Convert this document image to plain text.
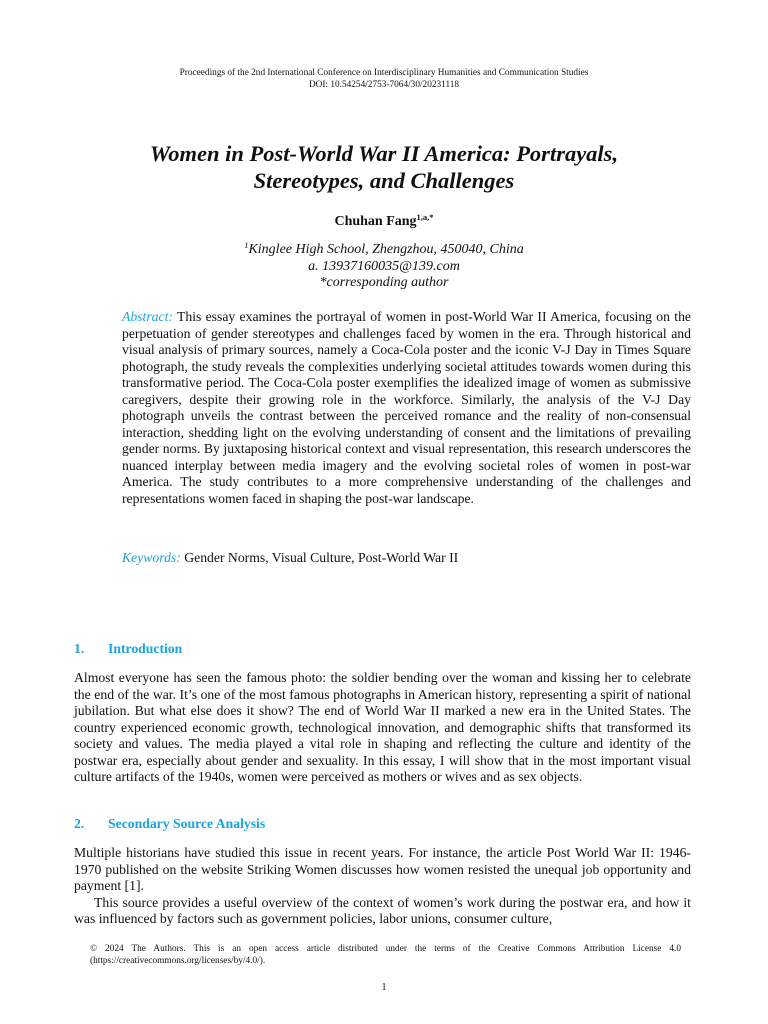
Proceedings of the 2nd International Conference on Interdisciplinary Humanities and Communication Studies
DOI: 10.54254/2753-7064/30/20231118
Women in Post-World War II America: Portrayals,
Stereotypes, and Challenges
Chuhan Fang$^{1,a,*}$
$^1$Kinglee High School, Zhengzhou, 450040, China
a. 13937160035@139.com
*corresponding author
Abstract: This essay examines the portrayal of women in post-World War II America, focusing on the perpetuation of gender stereotypes and challenges faced by women in the era. Through historical and visual analysis of primary sources, namely a Coca-Cola poster and the iconic V-J Day in Times Square photograph, the study reveals the complexities underlying societal attitudes towards women during this transformative period. The Coca-Cola poster exemplifies the idealized image of women as submissive caregivers, despite their growing role in the workforce. Similarly, the analysis of the V-J Day photograph unveils the contrast between the perceived romance and the reality of non-consensual interaction, shedding light on the evolving understanding of consent and the limitations of prevailing gender norms. By juxtaposing historical context and visual representation, this research underscores the nuanced interplay between media imagery and the evolving societal roles of women in post-war America. The study contributes to a more comprehensive understanding of the challenges and representations women faced in shaping the post-war landscape.
Keywords: Gender Norms, Visual Culture, Post-World War II
1. Introduction

Almost everyone has seen the famous photo: the soldier bending over the woman and kissing her to celebrate the end of the war. It’s one of the most famous photographs in American history, representing a spirit of national jubilation. But what else does it show? The end of World War II marked a new era in the United States. The country experienced economic growth, technological innovation, and demographic shifts that transformed its society and values. The media played a vital role in shaping and reflecting the culture and identity of the postwar era, especially about gender and sexuality. In this essay, I will show that in the most important visual culture artifacts of the 1940s, women were perceived as mothers or wives and as sex objects.

2. Secondary Source Analysis

Multiple historians have studied this issue in recent years. For instance, the article Post World War II: 1946-1970 published on the website Striking Women discusses how women resisted the unequal job opportunity and payment [1].

This source provides a useful overview of the context of women’s work during the postwar era, and how it was influenced by factors such as government policies, labor unions, consumer culture,

© 2024 The Authors. This is an open access article distributed under the terms of the Creative Commons Attribution License 4.0 (https://creativecommons.org/licenses/by/4.0/).
1
